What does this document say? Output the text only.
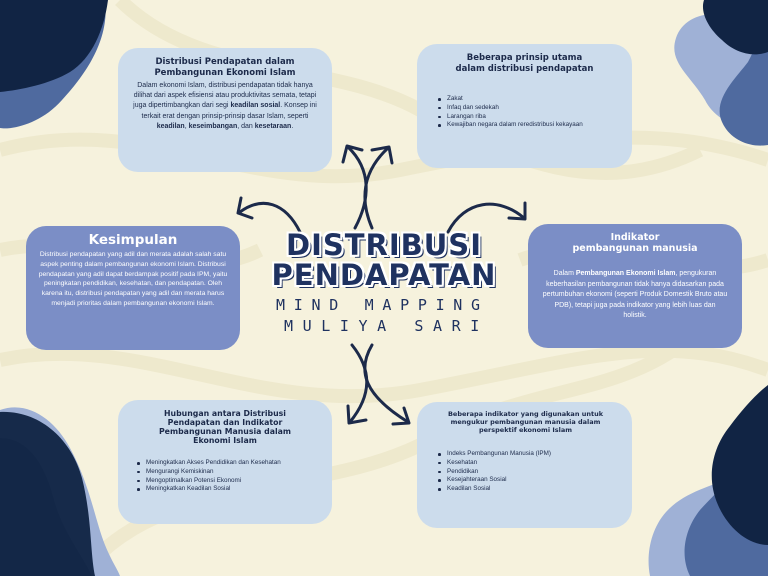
Distribusi Pendapatan dalam
Pembangunan Ekonomi Islam
Dalam ekonomi Islam, distribusi pendapatan tidak hanya dilihat dari aspek efisiensi atau produktivitas semata, tetapi juga dipertimbangkan dari segi keadilan sosial. Konsep ini terkait erat dengan prinsip-prinsip dasar Islam, seperti keadilan, keseimbangan, dan kesetaraan.
Beberapa prinsip utama
dalam distribusi pendapatan
Zakat
Infaq dan sedekah
Larangan riba
Kewajiban negara dalam reredistribusi kekayaan
Kesimpulan
Distribusi pendapatan yang adil dan merata adalah salah satu aspek penting dalam pembangunan ekonomi Islam. Distribusi pendapatan yang adil dapat berdampak positif pada IPM, yaitu peningkatan pendidikan, kesehatan, dan pendapatan. Oleh karena itu, distribusi pendapatan yang adil dan merata harus menjadi prioritas dalam pembangunan ekonomi Islam.
Indikator
pembangunan manusia
Dalam Pembangunan Ekonomi Islam, pengukuran keberhasilan pembangunan tidak hanya didasarkan pada pertumbuhan ekonomi (seperti Produk Domestik Bruto atau PDB), tetapi juga pada indikator yang lebih luas dan holistik.
Hubungan antara Distribusi
Pendapatan dan Indikator
Pembangunan Manusia dalam
Ekonomi Islam
Meningkatkan Akses Pendidikan dan Kesehatan
Mengurangi Kemiskinan
Mengoptimalkan Potensi Ekonomi
Meningkatkan Keadilan Sosial
Beberapa indikator yang digunakan untuk
mengukur pembangunan manusia dalam
perspektif ekonomi Islam
Indeks Pembangunan Manusia (IPM)
Kesehatan
Pendidikan
Kesejahteraan Sosial
Keadilan Sosial
DISTRIBUSI
PENDAPATAN
MIND MAPPING
MULIYA SARI
